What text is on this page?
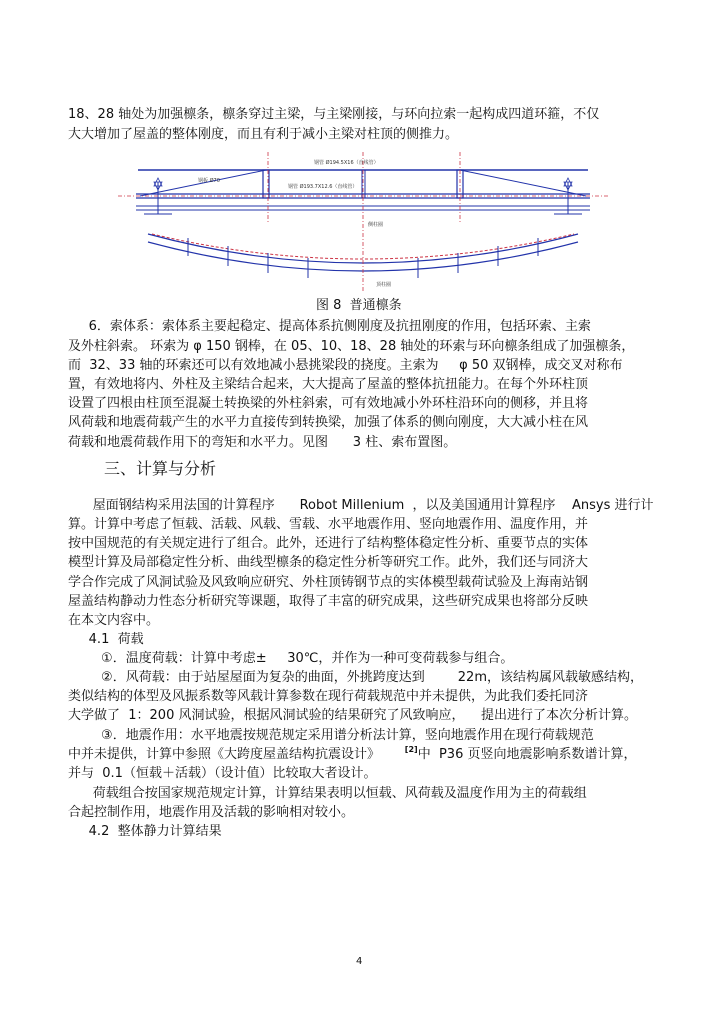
18、28 轴处为加强檩条，檩条穿过主梁，与主梁刚接，与环向拉索一起构成四道环箍，不仅
大大增加了屋盖的整体刚度，而且有利于减小主梁对柱顶的侧推力。
钢管 Ø194.5X16（直线管）
钢板 Ø70
钢管 Ø193.7X12.6（直线管）
侧柱圈
顶柱圈
图 8  普通檩条
6．索体系：索体系主要起稳定、提高体系抗侧刚度及抗扭刚度的作用，包括环索、主索
及外柱斜索。 环索为 φ 150 钢棒，在 05、10、18、28 轴处的环索与环向檩条组成了加强檩条，
而  32、33 轴的环索还可以有效地减小悬挑梁段的挠度。主索为     φ 50 双钢棒，成交叉对称布
置，有效地将内、外柱及主梁结合起来，大大提高了屋盖的整体抗扭能力。在每个外环柱顶
设置了四根由柱顶至混凝土转换梁的外柱斜索，可有效地减小外环柱沿环向的侧移，并且将
风荷载和地震荷载产生的水平力直接传到转换梁，加强了体系的侧向刚度，大大减小柱在风
荷载和地震荷载作用下的弯矩和水平力。见图      3 柱、索布置图。
三、计算与分析
屋面钢结构采用法国的计算程序      Robot Millenium  ，以及美国通用计算程序    Ansys 进行计
算。计算中考虑了恒载、活载、风载、雪载、水平地震作用、竖向地震作用、温度作用，并
按中国规范的有关规定进行了组合。此外，还进行了结构整体稳定性分析、重要节点的实体
模型计算及局部稳定性分析、曲线型檩条的稳定性分析等研究工作。此外，我们还与同济大
学合作完成了风洞试验及风致响应研究、外柱顶铸钢节点的实体模型载荷试验及上海南站钢
屋盖结构静动力性态分析研究等课题，取得了丰富的研究成果，这些研究成果也将部分反映
在本文内容中。
4.1  荷载
①．温度荷载：计算中考虑±     30℃，并作为一种可变荷载参与组合。
②．风荷载：由于站屋屋面为复杂的曲面，外挑跨度达到        22m，该结构属风载敏感结构，
类似结构的体型及风振系数等风载计算参数在现行荷载规范中并未提供，为此我们委托同济
大学做了  1：200 风洞试验，根据风洞试验的结果研究了风致响应，    提出进行了本次分析计算。
③．地震作用：水平地震按规范规定采用谱分析法计算，竖向地震作用在现行荷载规范
中并未提供，计算中参照《大跨度屋盖结构抗震设计》      [2]中  P36 页竖向地震影响系数谱计算，
并与  0.1（恒载＋活载）（设计值）比较取大者设计。
荷载组合按国家规范规定计算，计算结果表明以恒载、风荷载及温度作用为主的荷载组
合起控制作用，地震作用及活载的影响相对较小。
4.2  整体静力计算结果
4
